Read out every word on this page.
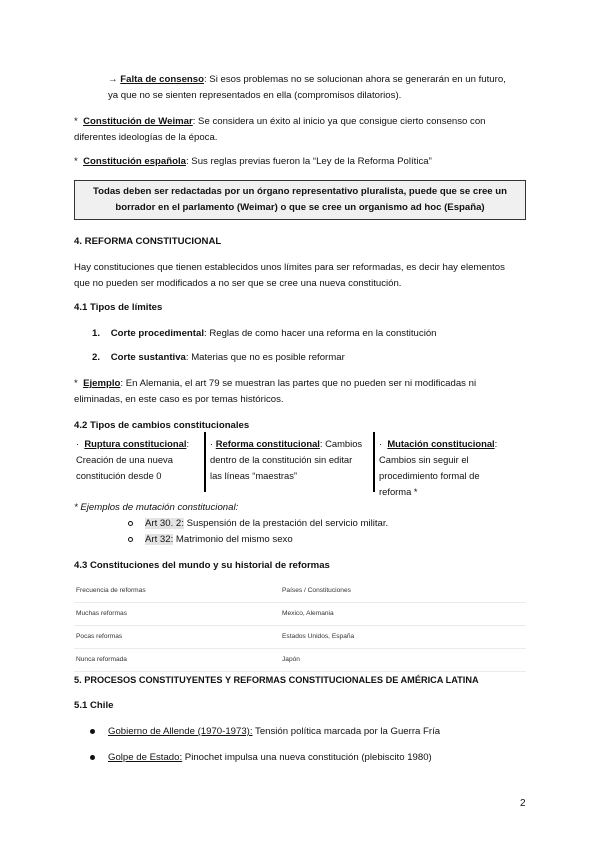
→ Falta de consenso: Si esos problemas no se solucionan ahora se generarán en un futuro,
ya que no se sienten representados en ella (compromisos dilatorios).
* Constitución de Weimar: Se considera un éxito al inicio ya que consigue cierto consenso con
diferentes ideologías de la época.
* Constitución española: Sus reglas previas fueron la “Ley de la Reforma Política”
Todas deben ser redactadas por un órgano representativo pluralista, puede que se cree un
borrador en el parlamento (Weimar) o que se cree un organismo ad hoc (España)
4. REFORMA CONSTITUCIONAL
Hay constituciones que tienen establecidos unos límites para ser reformadas, es decir hay elementos
que no pueden ser modificados a no ser que se cree una nueva constitución.
4.1 Tipos de límites
1. Corte procedimental: Reglas de como hacer una reforma en la constitución
2. Corte sustantiva: Materias que no es posible reformar
* Ejemplo: En Alemania, el art 79 se muestran las partes que no pueden ser ni modificadas ni
eliminadas, en este caso es por temas históricos.
4.2 Tipos de cambios constitucionales
· Ruptura constitucional:
Creación de una nueva
constitución desde 0
· Reforma constitucional: Cambios
dentro de la constitución sin editar
las líneas “maestras”
· Mutación constitucional:
Cambios sin seguir el
procedimiento formal de
reforma *
* Ejemplos de mutación constitucional:
Art 30. 2: Suspensión de la prestación del servicio militar.
Art 32: Matrimonio del mismo sexo
4.3 Constituciones del mundo y su historial de reformas
Frecuencia de reformas	Países / Constituciones
Muchas reformas	Mexico, Alemania
Pocas reformas	Estados Unidos, España
Nunca reformada	Japón
5. PROCESOS CONSTITUYENTES Y REFORMAS CONSTITUCIONALES DE AMÉRICA LATINA
5.1 Chile
Gobierno de Allende (1970-1973): Tensión política marcada por la Guerra Fría
Golpe de Estado: Pinochet impulsa una nueva constitución (plebiscito 1980)
2
